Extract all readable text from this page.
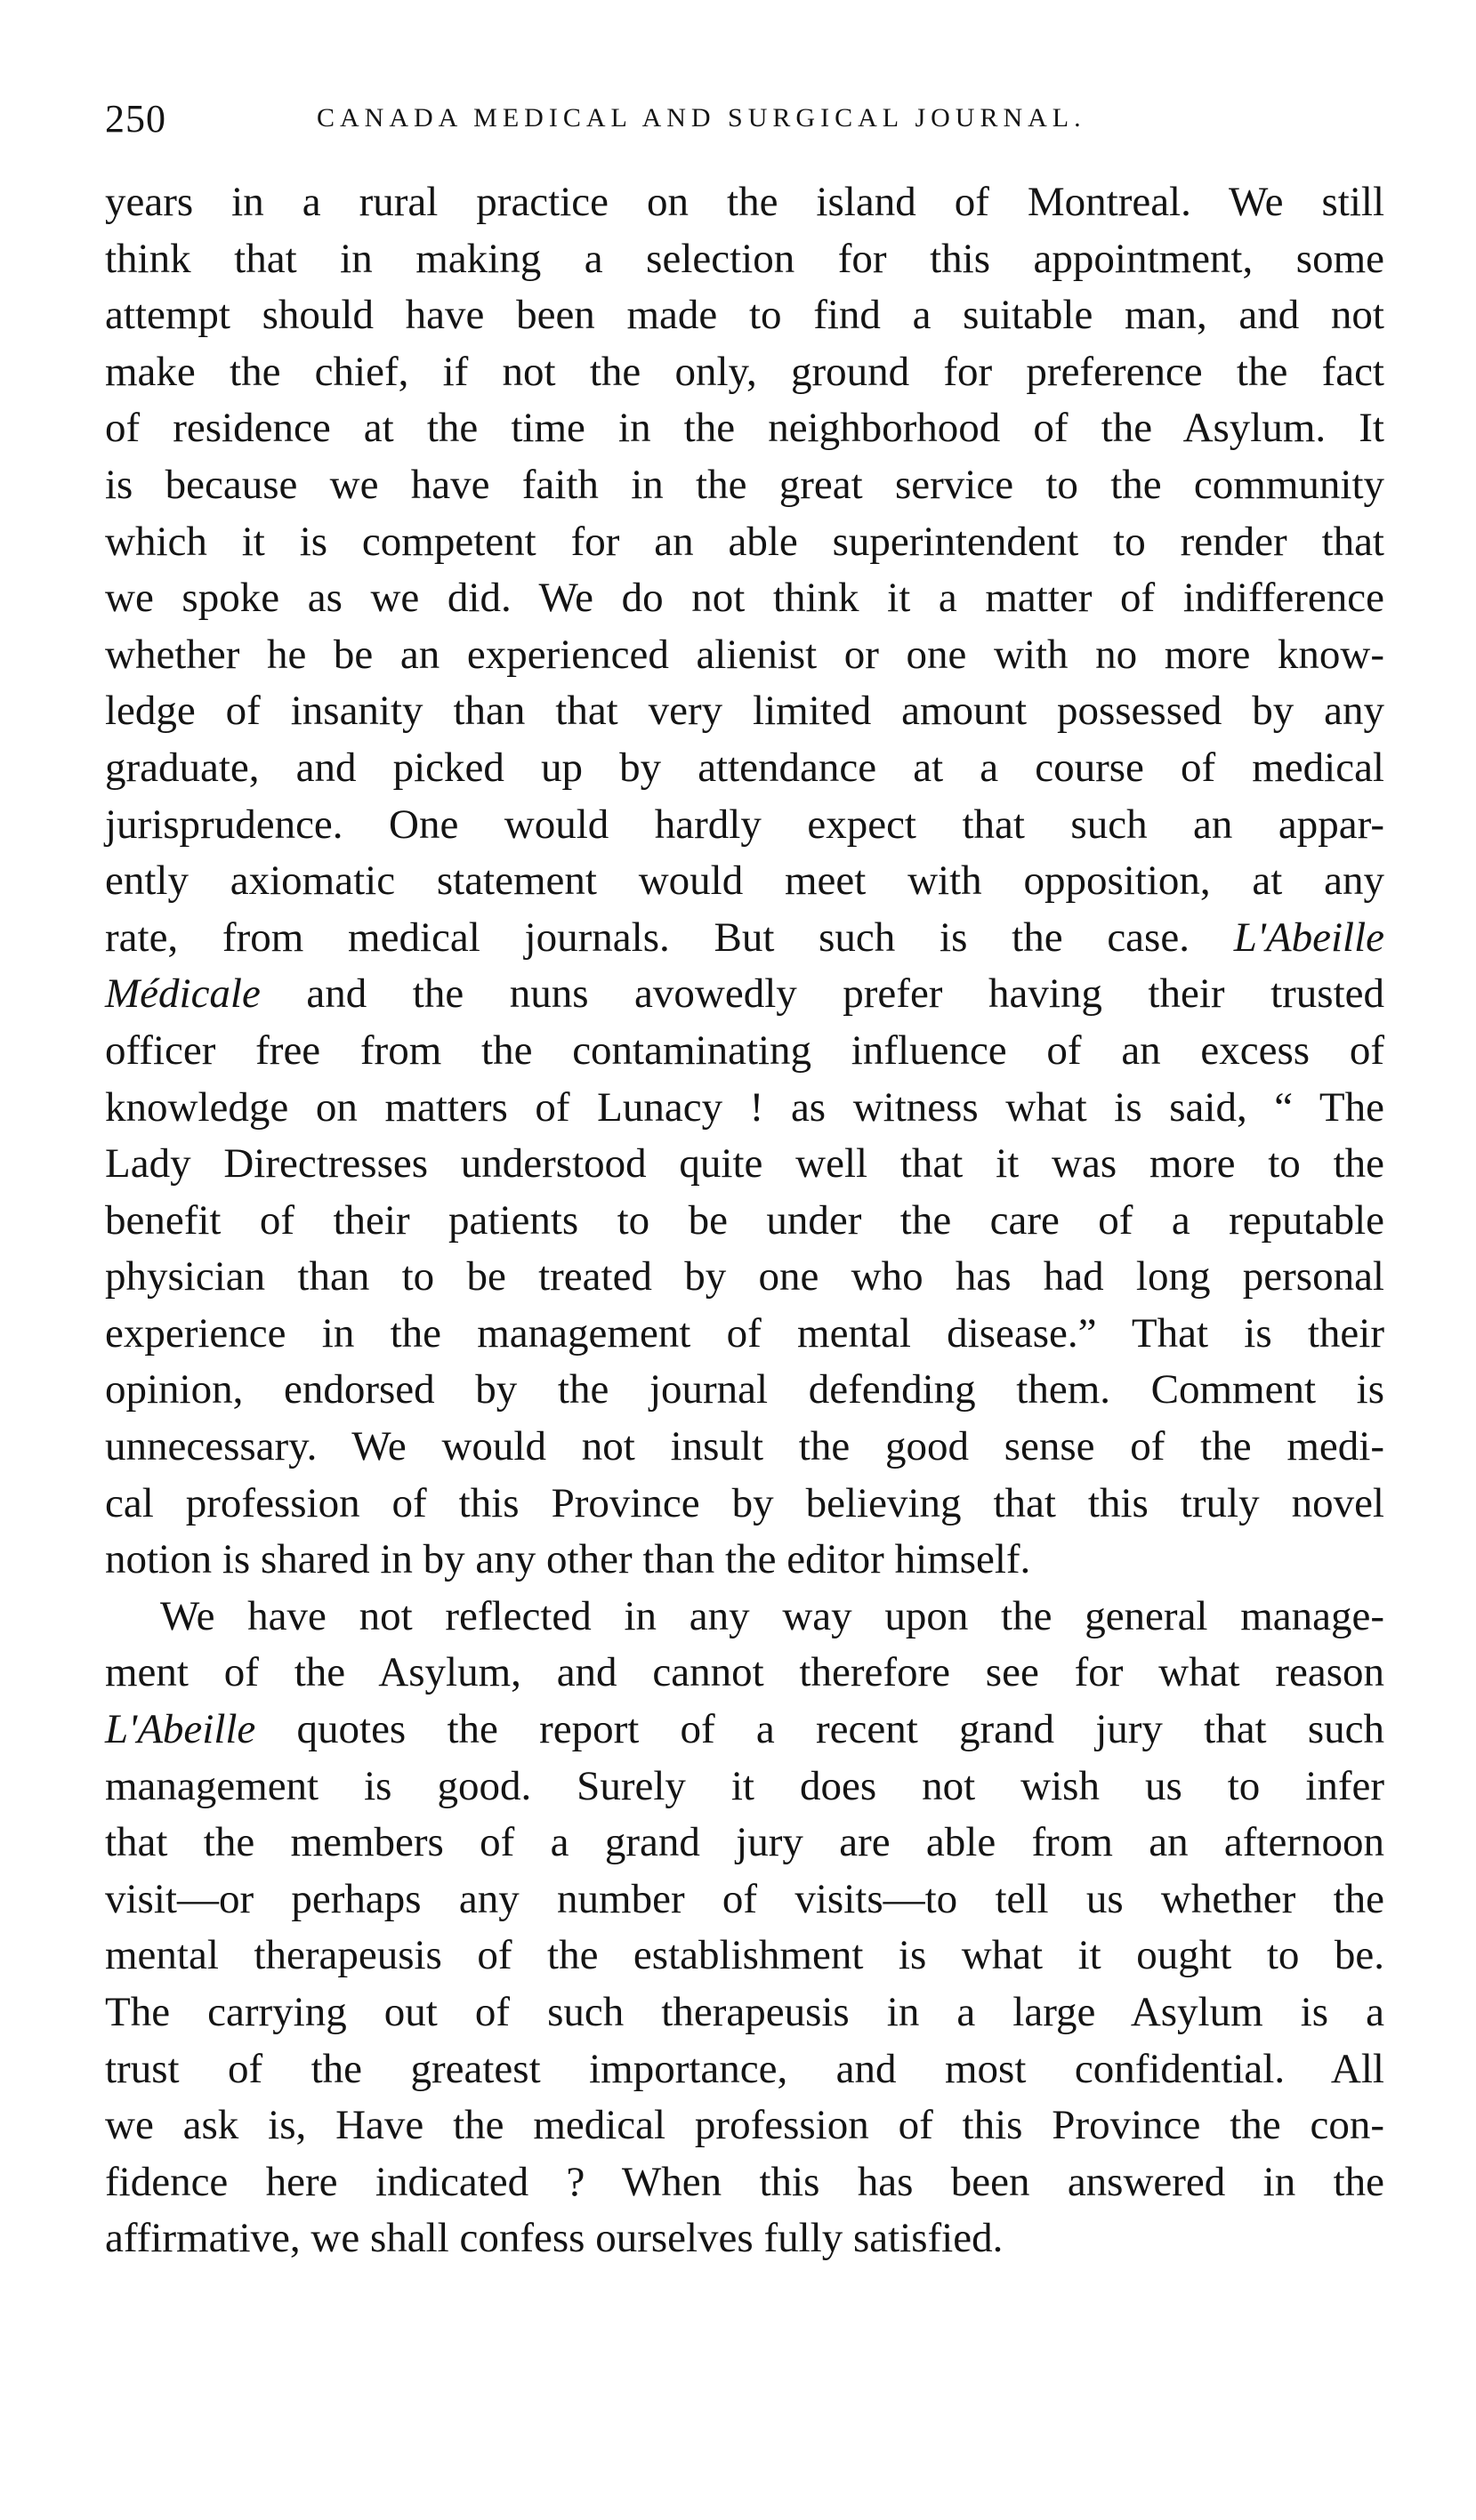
250	CANADA MEDICAL AND SURGICAL JOURNAL.
years in a rural practice on the island of Montreal. We still
think that in making a selection for this appointment, some
attempt should have been made to find a suitable man, and not
make the chief, if not the only, ground for preference the fact
of residence at the time in the neighborhood of the Asylum. It
is because we have faith in the great service to the community
which it is competent for an able superintendent to render that
we spoke as we did. We do not think it a matter of indifference
whether he be an experienced alienist or one with no more know-
ledge of insanity than that very limited amount possessed by any
graduate, and picked up by attendance at a course of medical
jurisprudence. One would hardly expect that such an appar-
ently axiomatic statement would meet with opposition, at any
rate, from medical journals. But such is the case. L'Abeille
Médicale and the nuns avowedly prefer having their trusted
officer free from the contaminating influence of an excess of
knowledge on matters of Lunacy ! as witness what is said, “ The
Lady Directresses understood quite well that it was more to the
benefit of their patients to be under the care of a reputable
physician than to be treated by one who has had long personal
experience in the management of mental disease.” That is their
opinion, endorsed by the journal defending them. Comment is
unnecessary. We would not insult the good sense of the medi-
cal profession of this Province by believing that this truly novel
notion is shared in by any other than the editor himself.
We have not reflected in any way upon the general manage-
ment of the Asylum, and cannot therefore see for what reason
L'Abeille quotes the report of a recent grand jury that such
management is good. Surely it does not wish us to infer
that the members of a grand jury are able from an afternoon
visit—or perhaps any number of visits—to tell us whether the
mental therapeusis of the establishment is what it ought to be.
The carrying out of such therapeusis in a large Asylum is a
trust of the greatest importance, and most confidential. All
we ask is, Have the medical profession of this Province the con-
fidence here indicated ? When this has been answered in the
affirmative, we shall confess ourselves fully satisfied.
